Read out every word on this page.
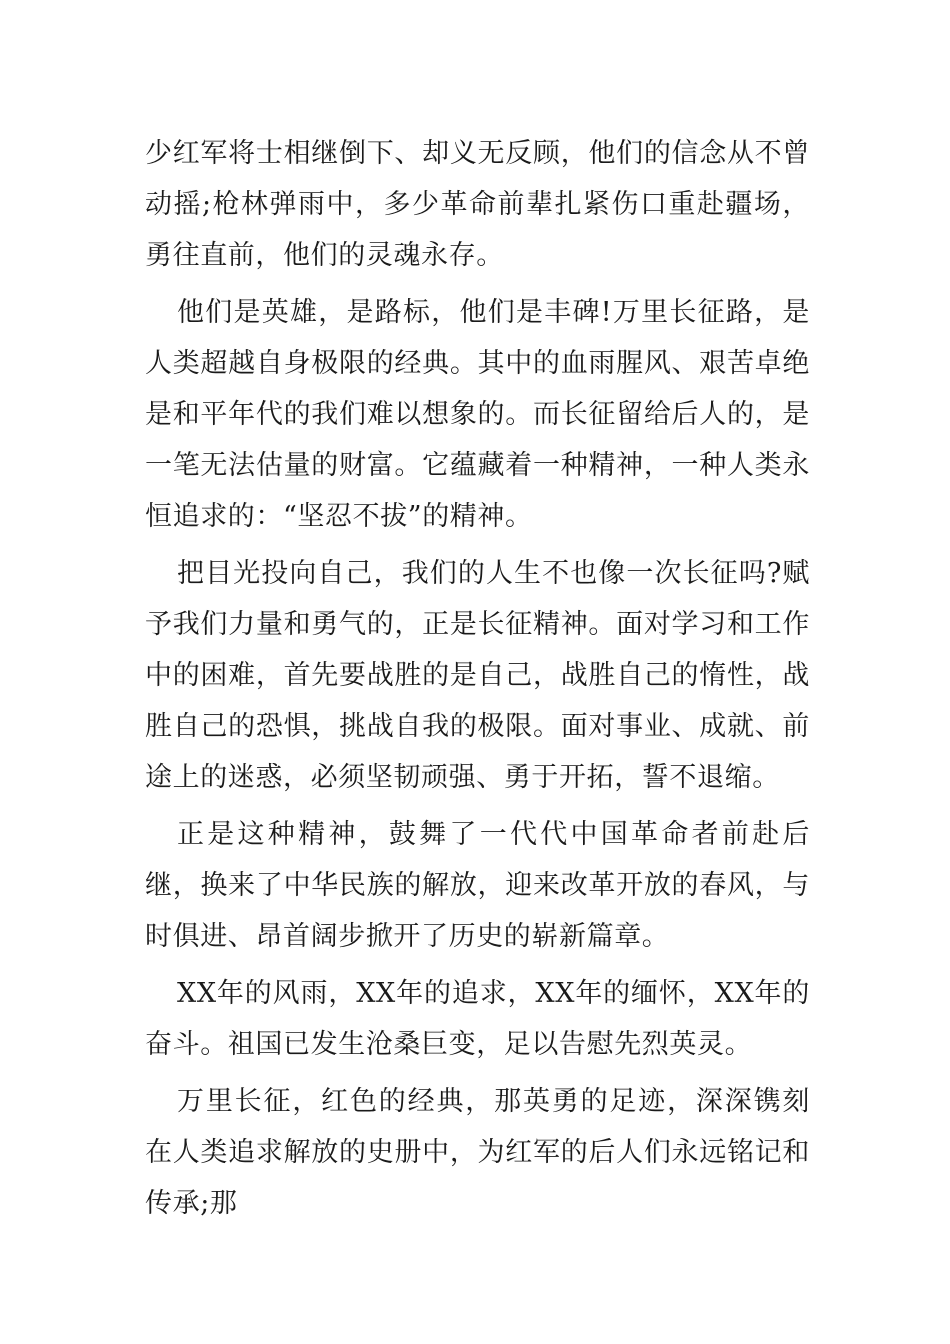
少红军将士相继倒下、却义无反顾，他们的信念从不曾动摇;枪林弹雨中，多少革命前辈扎紧伤口重赴疆场，勇往直前，他们的灵魂永存。

他们是英雄，是路标，他们是丰碑!万里长征路，是人类超越自身极限的经典。其中的血雨腥风、艰苦卓绝是和平年代的我们难以想象的。而长征留给后人的，是一笔无法估量的财富。它蕴藏着一种精神，一种人类永恒追求的：“坚忍不拔”的精神。

把目光投向自己，我们的人生不也像一次长征吗?赋予我们力量和勇气的，正是长征精神。面对学习和工作中的困难，首先要战胜的是自己，战胜自己的惰性，战胜自己的恐惧，挑战自我的极限。面对事业、成就、前途上的迷惑，必须坚韧顽强、勇于开拓，誓不退缩。

正是这种精神，鼓舞了一代代中国革命者前赴后继，换来了中华民族的解放，迎来改革开放的春风，与时俱进、昂首阔步掀开了历史的崭新篇章。

XX年的风雨，XX年的追求，XX年的缅怀，XX年的奋斗。祖国已发生沧桑巨变，足以告慰先烈英灵。

万里长征，红色的经典，那英勇的足迹，深深镌刻在人类追求解放的史册中，为红军的后人们永远铭记和传承;那
